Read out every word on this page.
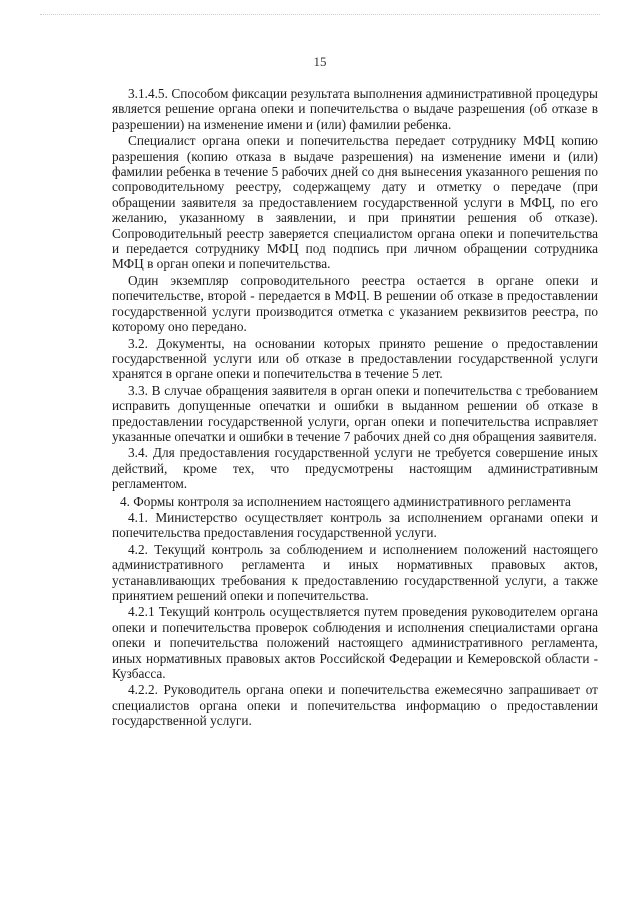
15

3.1.4.5. Способом фиксации результата выполнения административной процедуры является решение органа опеки и попечительства о выдаче разрешения (об отказе в разрешении) на изменение имени и (или) фамилии ребенка.

Специалист органа опеки и попечительства передает сотруднику МФЦ копию разрешения (копию отказа в выдаче разрешения) на изменение имени и (или) фамилии ребенка в течение 5 рабочих дней со дня вынесения указанного решения по сопроводительному реестру, содержащему дату и отметку о передаче (при обращении заявителя за предоставлением государственной услуги в МФЦ, по его желанию, указанному в заявлении, и при принятии решения об отказе). Сопроводительный реестр заверяется специалистом органа опеки и попечительства и передается сотруднику МФЦ под подпись при личном обращении сотрудника МФЦ в орган опеки и попечительства.

Один экземпляр сопроводительного реестра остается в органе опеки и попечительстве, второй - передается в МФЦ. В решении об отказе в предоставлении государственной услуги производится отметка с указанием реквизитов реестра, по которому оно передано.

3.2. Документы, на основании которых принято решение о предоставлении государственной услуги или об отказе в предоставлении государственной услуги хранятся в органе опеки и попечительства в течение 5 лет.

3.3. В случае обращения заявителя в орган опеки и попечительства с требованием исправить допущенные опечатки и ошибки в выданном решении об отказе в предоставлении государственной услуги, орган опеки и попечительства исправляет указанные опечатки и ошибки в течение 7 рабочих дней со дня обращения заявителя.

3.4. Для предоставления государственной услуги не требуется совершение иных действий, кроме тех, что предусмотрены настоящим административным регламентом.

4. Формы контроля за исполнением настоящего административного регламента

4.1. Министерство осуществляет контроль за исполнением органами опеки и попечительства предоставления государственной услуги.

4.2. Текущий контроль за соблюдением и исполнением положений настоящего административного регламента и иных нормативных правовых актов, устанавливающих требования к предоставлению государственной услуги, а также принятием решений опеки и попечительства.

4.2.1 Текущий контроль осуществляется путем проведения руководителем органа опеки и попечительства проверок соблюдения и исполнения специалистами органа опеки и попечительства положений настоящего административного регламента, иных нормативных правовых актов Российской Федерации и Кемеровской области - Кузбасса.

4.2.2. Руководитель органа опеки и попечительства ежемесячно запрашивает от специалистов органа опеки и попечительства информацию о предоставлении государственной услуги.
